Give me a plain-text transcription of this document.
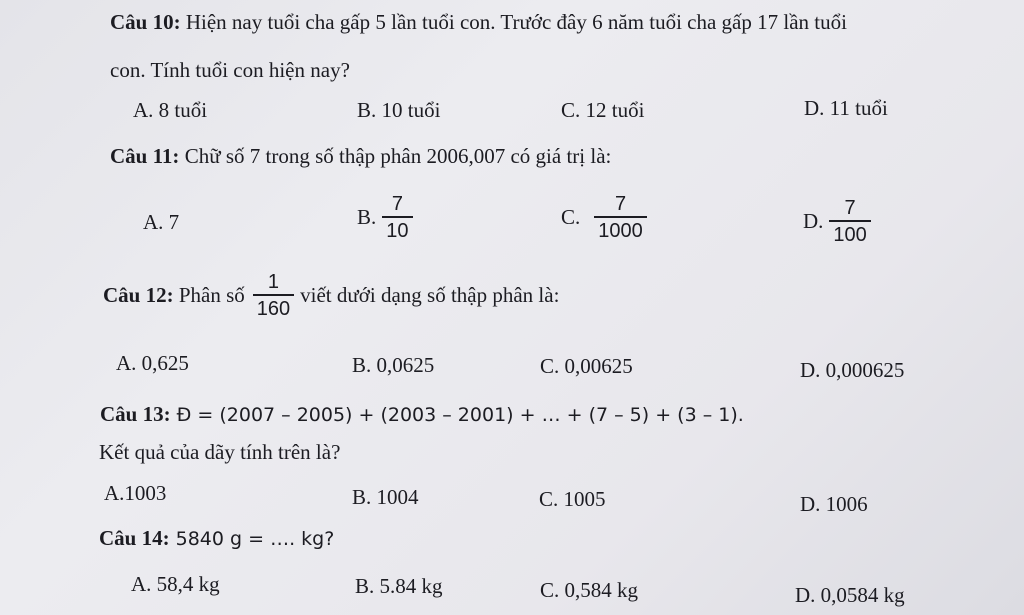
Câu 10: Hiện nay tuổi cha gấp 5 lần tuổi con. Trước đây 6 năm tuổi cha gấp 17 lần tuổi
con. Tính tuổi con hiện nay?
A. 8 tuổi	B. 10 tuổi	C. 12 tuổi	D. 11 tuổi
Câu 11: Chữ số 7 trong số thập phân 2006,007 có giá trị là:
A. 7	B. $\frac{7}{10}$	C. $\frac{7}{1000}$	D. $\frac{7}{100}$
Câu 12: Phân số $\frac{1}{160}$ viết dưới dạng số thập phân là:
A. 0,625	B. 0,0625	C. 0,00625	D. 0,000625
Câu 13: Đ = (2007 – 2005) + (2003 – 2001) + … + (7 – 5) + (3 – 1).
Kết quả của dãy tính trên là?
A.1003	B. 1004	C. 1005	D. 1006
Câu 14: 5840 g = …. kg?
A. 58,4 kg	B. 5.84 kg	C. 0,584 kg	D. 0,0584 kg
